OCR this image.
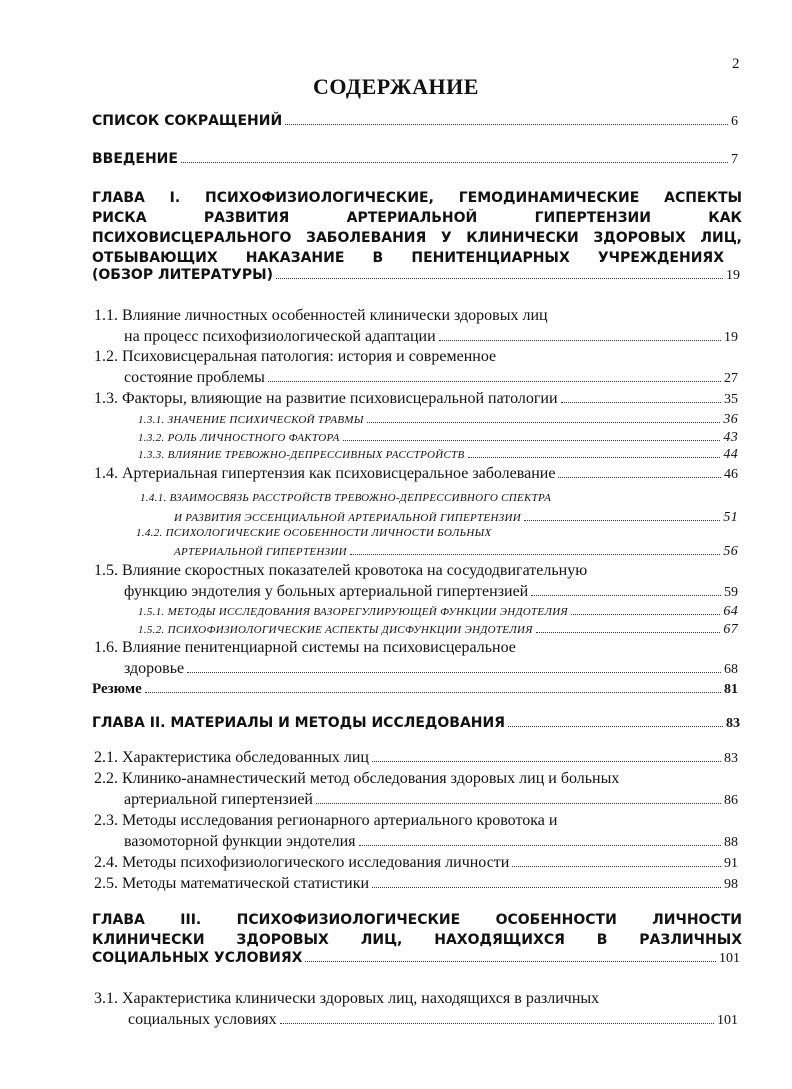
2
СОДЕРЖАНИЕ
СПИСОК СОКРАЩЕНИЙ	6
ВВЕДЕНИЕ	7
ГЛАВА I. ПСИХОФИЗИОЛОГИЧЕСКИЕ, ГЕМОДИНАМИЧЕСКИЕ АСПЕКТЫ
РИСКА РАЗВИТИЯ АРТЕРИАЛЬНОЙ ГИПЕРТЕНЗИИ КАК
ПСИХОВИСЦЕРАЛЬНОГО ЗАБОЛЕВАНИЯ У КЛИНИЧЕСКИ ЗДОРОВЫХ ЛИЦ,
ОТБЫВАЮЩИХ НАКАЗАНИЕ В ПЕНИТЕНЦИАРНЫХ УЧРЕЖДЕНИЯХ
(ОБЗОР ЛИТЕРАТУРЫ)	19
1.1. Влияние личностных особенностей клинически здоровых лиц
на процесс психофизиологической адаптации	19
1.2. Психовисцеральная патология: история и современное
состояние проблемы	27
1.3. Факторы, влияющие на развитие психовисцеральной патологии	35
1.3.1. ЗНАЧЕНИЕ ПСИХИЧЕСКОЙ ТРАВМЫ	36
1.3.2. РОЛЬ ЛИЧНОСТНОГО ФАКТОРА	43
1.3.3. ВЛИЯНИЕ ТРЕВОЖНО-ДЕПРЕССИВНЫХ РАССТРОЙСТВ	44
1.4. Артериальная гипертензия как психовисцеральное заболевание	46
1.4.1. ВЗАИМОСВЯЗЬ РАССТРОЙСТВ ТРЕВОЖНО-ДЕПРЕССИВНОГО СПЕКТРА
И РАЗВИТИЯ ЭССЕНЦИАЛЬНОЙ АРТЕРИАЛЬНОЙ ГИПЕРТЕНЗИИ	51
1.4.2. ПСИХОЛОГИЧЕСКИЕ ОСОБЕННОСТИ ЛИЧНОСТИ БОЛЬНЫХ
АРТЕРИАЛЬНОЙ ГИПЕРТЕНЗИИ	56
1.5. Влияние скоростных показателей кровотока на сосудодвигательную
функцию эндотелия у больных артериальной гипертензией	59
1.5.1. МЕТОДЫ ИССЛЕДОВАНИЯ ВАЗОРЕГУЛИРУЮЩЕЙ ФУНКЦИИ ЭНДОТЕЛИЯ	64
1.5.2. ПСИХОФИЗИОЛОГИЧЕСКИЕ АСПЕКТЫ ДИСФУНКЦИИ ЭНДОТЕЛИЯ	67
1.6. Влияние пенитенциарной системы на психовисцеральное
здоровье	68
Резюме	81
ГЛАВА II. МАТЕРИАЛЫ И МЕТОДЫ ИССЛЕДОВАНИЯ	83
2.1. Характеристика обследованных лиц	83
2.2. Клинико-анамнестический метод обследования здоровых лиц и больных
артериальной гипертензией	86
2.3. Методы исследования регионарного артериального кровотока и
вазомоторной функции эндотелия	88
2.4. Методы психофизиологического исследования личности	91
2.5. Методы математической статистики	98
ГЛАВА III. ПСИХОФИЗИОЛОГИЧЕСКИЕ ОСОБЕННОСТИ ЛИЧНОСТИ
КЛИНИЧЕСКИ ЗДОРОВЫХ ЛИЦ, НАХОДЯЩИХСЯ В РАЗЛИЧНЫХ
СОЦИАЛЬНЫХ УСЛОВИЯХ	101
3.1. Характеристика клинически здоровых лиц, находящихся в различных
социальных условиях	101
